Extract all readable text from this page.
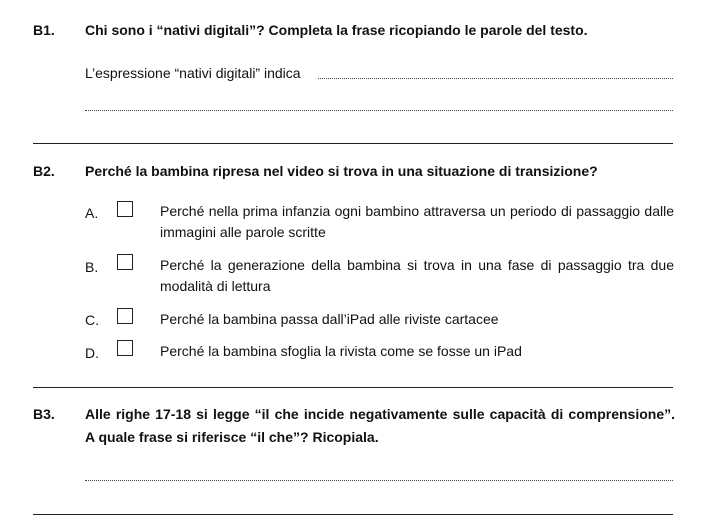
B1. Chi sono i “nativi digitali”? Completa la frase ricopiando le parole del testo.
L’espressione “nativi digitali” indica
B2. Perché la bambina ripresa nel video si trova in una situazione di transizione?
A.	Perché nella prima infanzia ogni bambino attraversa un periodo di passaggio dalle immagini alle parole scritte
B.	Perché la generazione della bambina si trova in una fase di passaggio tra due modalità di lettura
C.	Perché la bambina passa dall’iPad alle riviste cartacee
D.	Perché la bambina sfoglia la rivista come se fosse un iPad
B3. Alle righe 17-18 si legge “il che incide negativamente sulle capacità di comprensione”.
A quale frase si riferisce “il che”? Ricopiala.
